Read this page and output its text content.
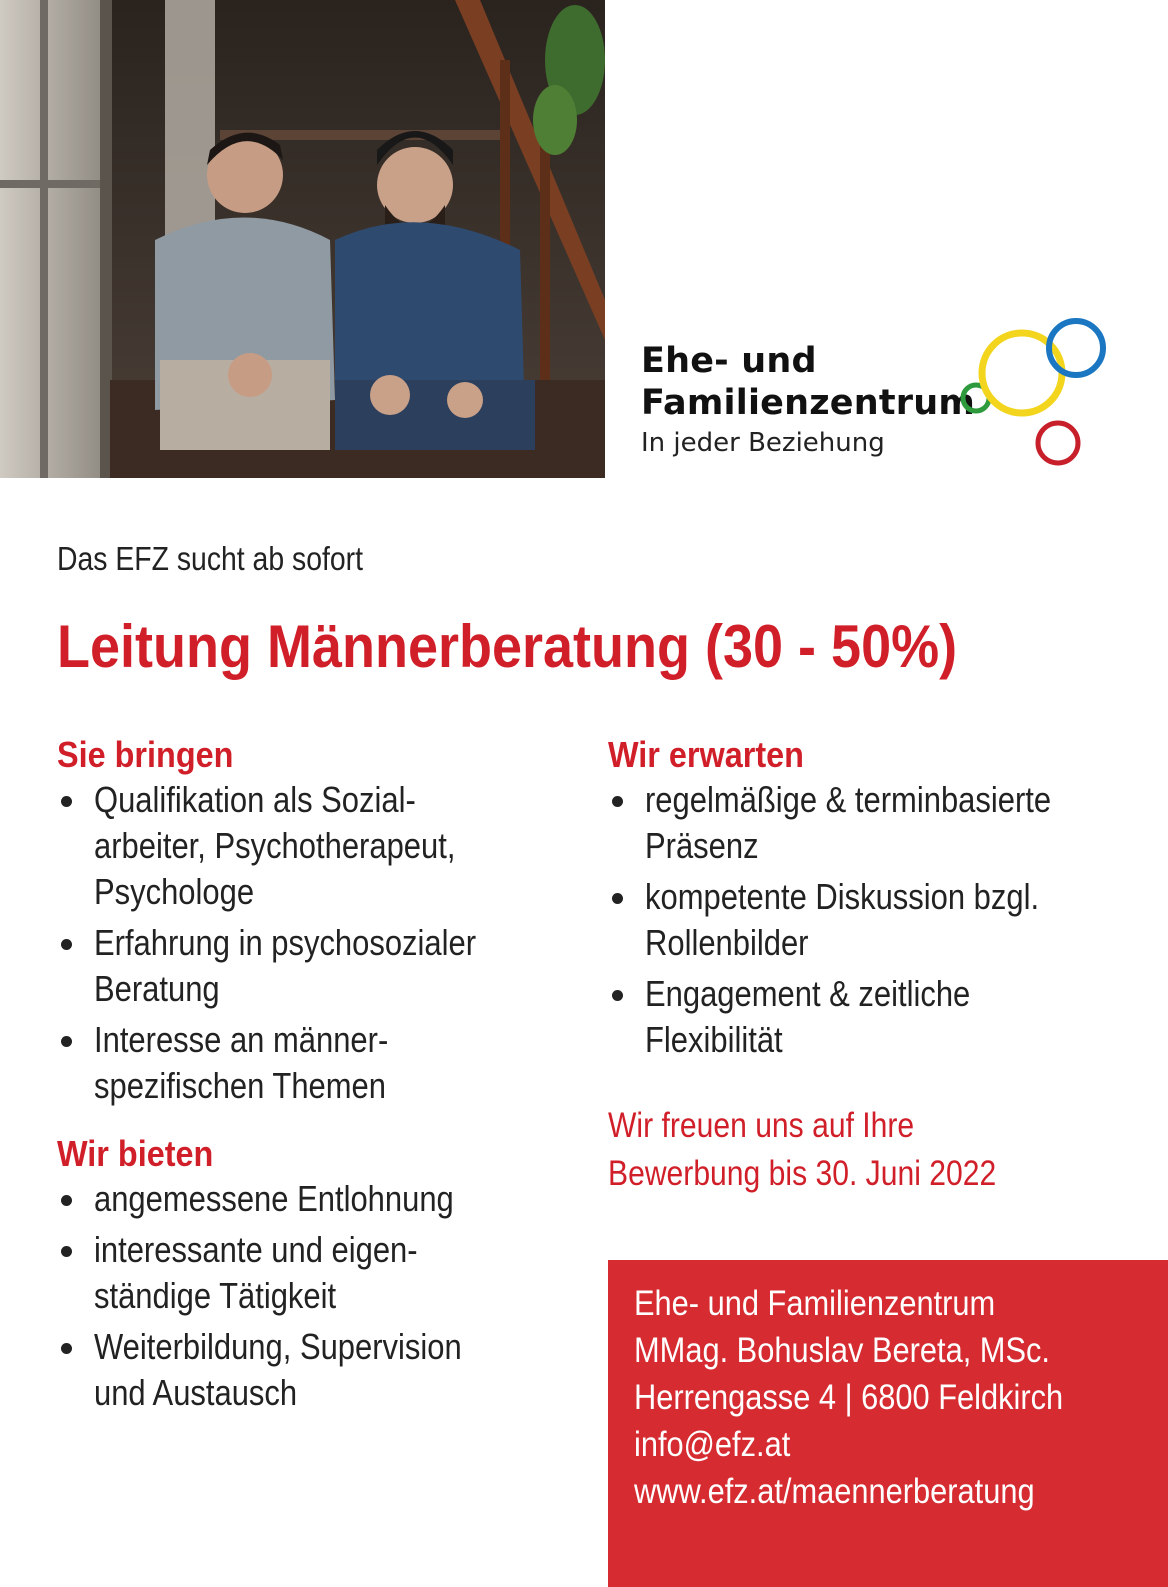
Ehe- und
Familienzentrum
In jeder Beziehung
Das EFZ sucht ab sofort
Leitung Männerberatung (30 - 50%)
Sie bringen
Qualifikation als Sozial-
arbeiter, Psychotherapeut,
Psychologe
Erfahrung in psychosozialer
Beratung
Interesse an männer-
spezifischen Themen
Wir bieten
angemessene Entlohnung
interessante und eigen-
ständige Tätigkeit
Weiterbildung, Supervision
und Austausch
Wir erwarten
regelmäßige & terminbasierte
Präsenz
kompetente Diskussion bzgl.
Rollenbilder
Engagement & zeitliche
Flexibilität
Wir freuen uns auf Ihre
Bewerbung bis 30. Juni 2022
Ehe- und Familienzentrum
MMag. Bohuslav Bereta, MSc.
Herrengasse 4 | 6800 Feldkirch
info@efz.at
www.efz.at/maennerberatung
